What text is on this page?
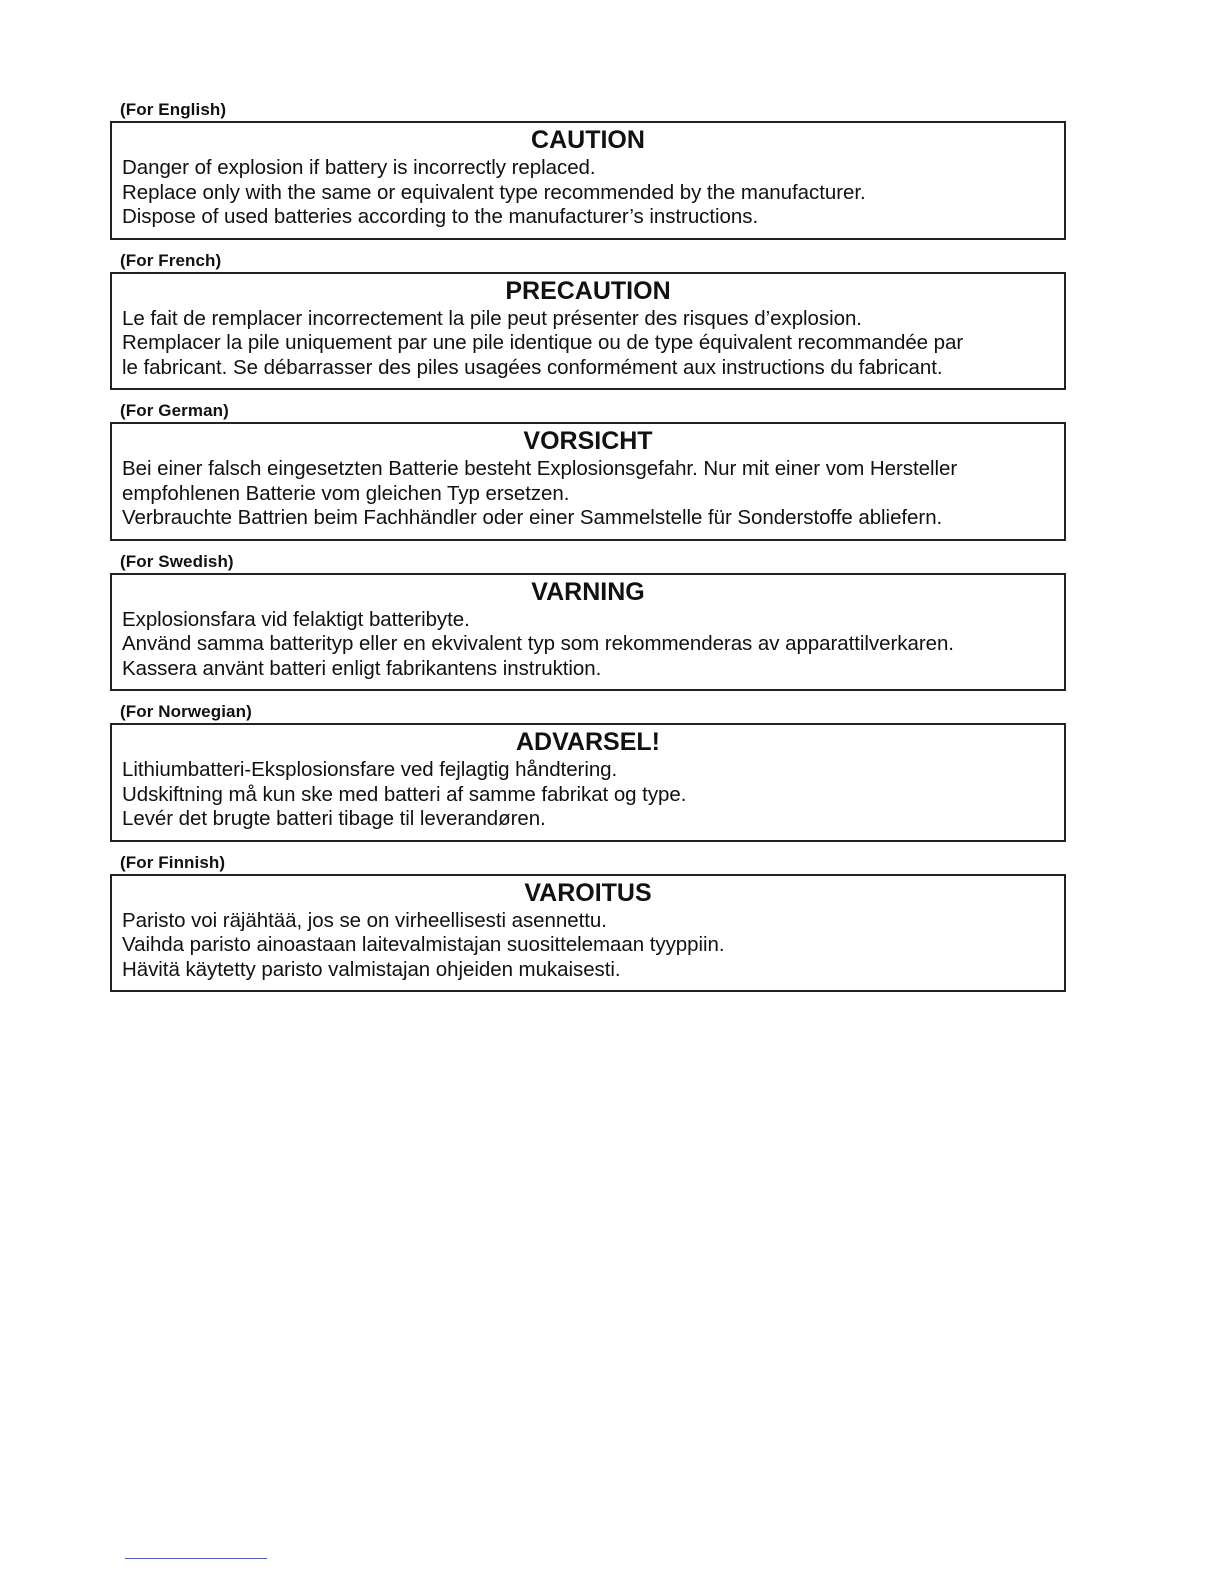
(For English)
CAUTION
Danger of explosion if battery is incorrectly replaced.
Replace only with the same or equivalent type recommended by the manufacturer.
Dispose of used batteries according to the manufacturer’s instructions.
(For French)
PRECAUTION
Le fait de remplacer incorrectement la pile peut présenter des risques d’explosion.
Remplacer la pile uniquement par une pile identique ou de type équivalent recommandée par
le fabricant. Se débarrasser des piles usagées conformément aux instructions du fabricant.
(For German)
VORSICHT
Bei einer falsch eingesetzten Batterie besteht Explosionsgefahr. Nur mit einer vom Hersteller
empfohlenen Batterie vom gleichen Typ ersetzen.
Verbrauchte Battrien beim Fachhändler oder einer Sammelstelle für Sonderstoffe abliefern.
(For Swedish)
VARNING
Explosionsfara vid felaktigt batteribyte.
Använd samma batterityp eller en ekvivalent typ som rekommenderas av apparattilverkaren.
Kassera använt batteri enligt fabrikantens instruktion.
(For Norwegian)
ADVARSEL!
Lithiumbatteri-Eksplosionsfare ved fejlagtig håndtering.
Udskiftning må kun ske med batteri af samme fabrikat og type.
Levér det brugte batteri tibage til leverandøren.
(For Finnish)
VAROITUS
Paristo voi räjähtää, jos se on virheellisesti asennettu.
Vaihda paristo ainoastaan laitevalmistajan suosittelemaan tyyppiin.
Hävitä käytetty paristo valmistajan ohjeiden mukaisesti.
